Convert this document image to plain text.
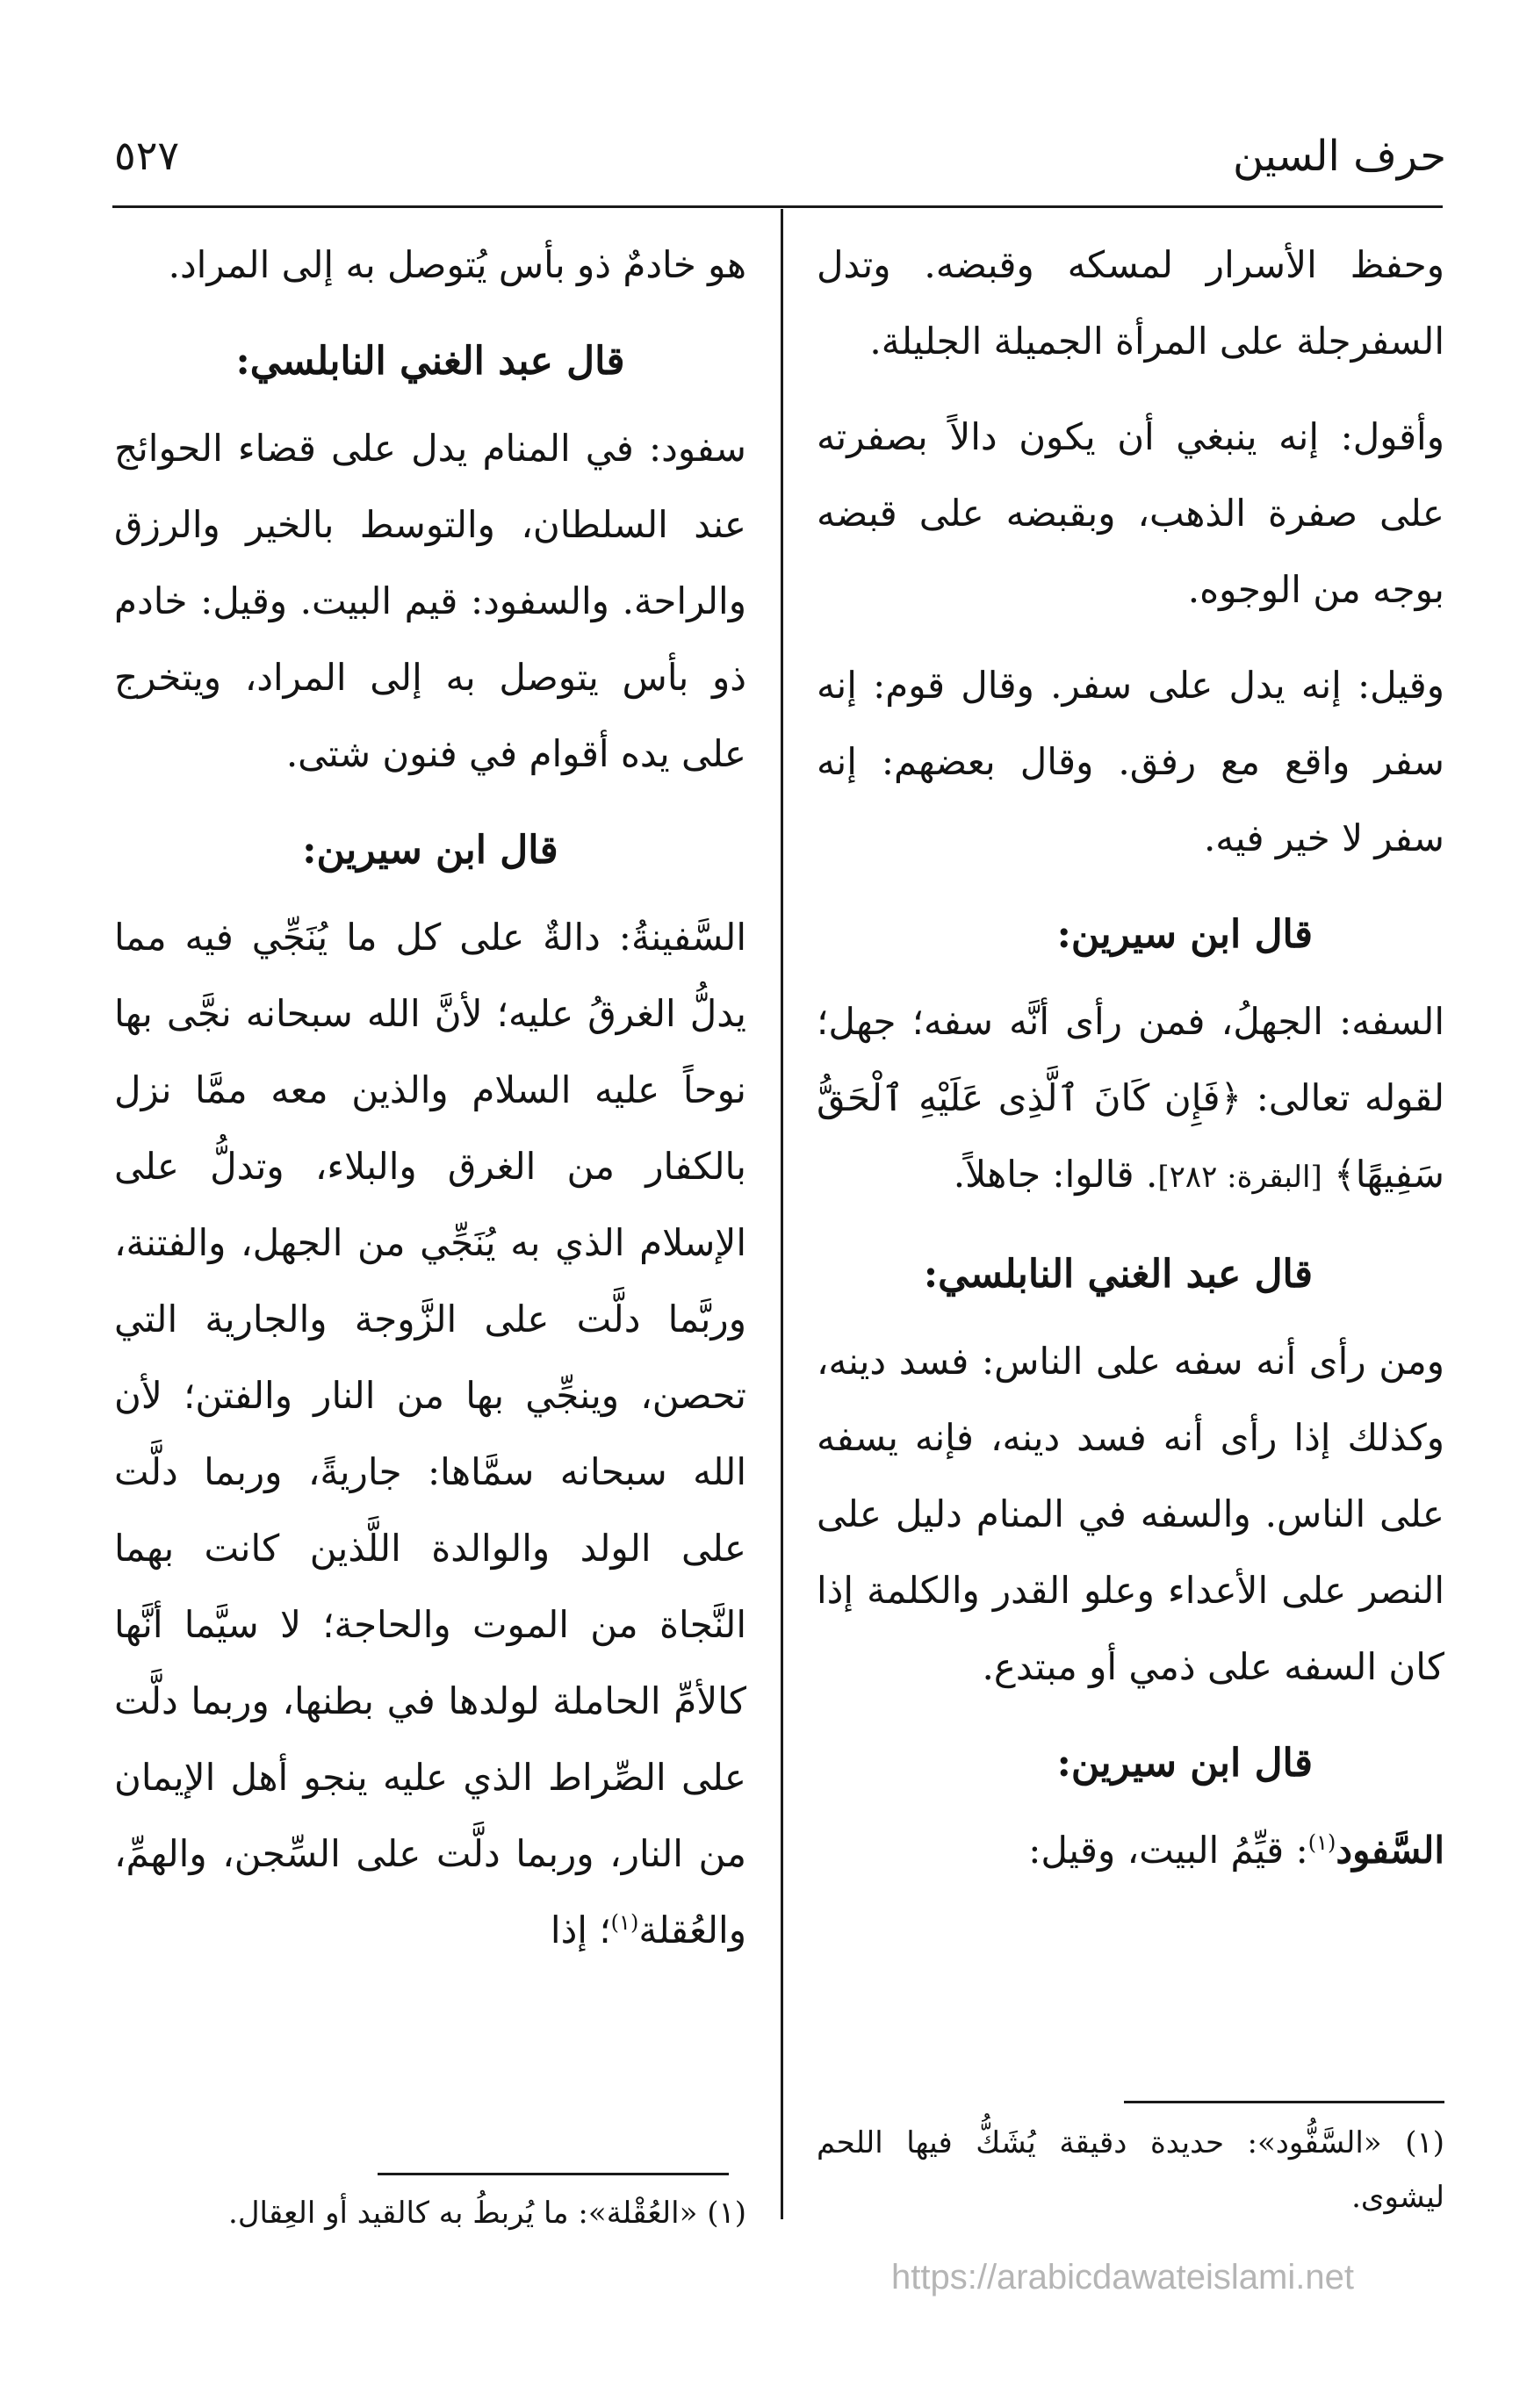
حرف السين
٥٢٧

وحفظ الأسرار لمسكه وقبضه. وتدل السفرجلة على المرأة الجميلة الجليلة.

وأقول: إنه ينبغي أن يكون دالاً بصفرته على صفرة الذهب، وبقبضه على قبضه بوجه من الوجوه.

وقيل: إنه يدل على سفر. وقال قوم: إنه سفر واقع مع رفق. وقال بعضهم: إنه سفر لا خير فيه.

قال ابن سيرين:

السفه: الجهلُ، فمن رأى أنَّه سفه؛ جهل؛ لقوله تعالى: ﴿فَإِن كَانَ ٱلَّذِى عَلَيْهِ ٱلْحَقُّ سَفِيهًا﴾ [البقرة: ٢٨٢]. قالوا: جاهلاً.

قال عبد الغني النابلسي:

ومن رأى أنه سفه على الناس: فسد دينه، وكذلك إذا رأى أنه فسد دينه، فإنه يسفه على الناس. والسفه في المنام دليل على النصر على الأعداء وعلو القدر والكلمة إذا كان السفه على ذمي أو مبتدع.

قال ابن سيرين:

السَّفود$^{(١)}$: قيِّمُ البيت، وقيل:

هو خادمٌ ذو بأس يُتوصل به إلى المراد.

قال عبد الغني النابلسي:

سفود: في المنام يدل على قضاء الحوائج عند السلطان، والتوسط بالخير والرزق والراحة. والسفود: قيم البيت. وقيل: خادم ذو بأس يتوصل به إلى المراد، ويتخرج على يده أقوام في فنون شتى.

قال ابن سيرين:

السَّفينةُ: دالةٌ على كل ما يُنَجِّي فيه مما يدلُّ الغرقُ عليه؛ لأنَّ الله سبحانه نجَّى بها نوحاً عليه السلام والذين معه ممَّا نزل بالكفار من الغرق والبلاء، وتدلُّ على الإسلام الذي به يُنَجِّي من الجهل، والفتنة، وربَّما دلَّت على الزَّوجة والجارية التي تحصن، وينجِّي بها من النار والفتن؛ لأن الله سبحانه سمَّاها: جاريةً، وربما دلَّت على الولد والوالدة اللَّذين كانت بهما النَّجاة من الموت والحاجة؛ لا سيَّما أنَّها كالأمِّ الحاملة لولدها في بطنها، وربما دلَّت على الصِّراط الذي عليه ينجو أهل الإيمان من النار، وربما دلَّت على السِّجن، والهمِّ، والعُقلة$^{(١)}$؛ إذا

(١) «السَّفُّود»: حديدة دقيقة يُشَكُّ فيها اللحم ليشوى.
(١) «العُقْلة»: ما يُربطُ به كالقيد أو العِقال.
https://arabicdawateislami.net
